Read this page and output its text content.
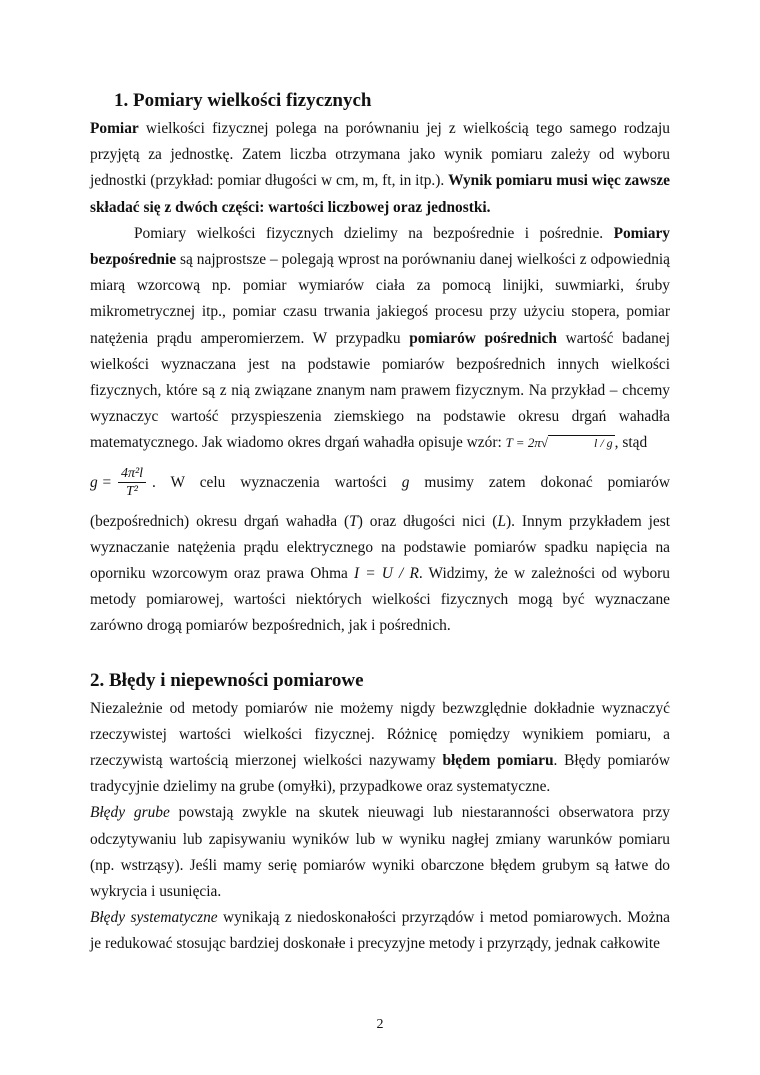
1. Pomiary wielkości fizycznych

Pomiar wielkości fizycznej polega na porównaniu jej z wielkością tego samego rodzaju przyjętą za jednostkę. Zatem liczba otrzymana jako wynik pomiaru zależy od wyboru jednostki (przykład: pomiar długości w cm, m, ft, in itp.). Wynik pomiaru musi więc zawsze składać się z dwóch części: wartości liczbowej oraz jednostki.

Pomiary wielkości fizycznych dzielimy na bezpośrednie i pośrednie. Pomiary bezpośrednie są najprostsze – polegają wprost na porównaniu danej wielkości z odpowiednią miarą wzorcową np. pomiar wymiarów ciała za pomocą linijki, suwmiarki, śruby mikrometrycznej itp., pomiar czasu trwania jakiegoś procesu przy użyciu stopera, pomiar natężenia prądu amperomierzem. W przypadku pomiarów pośrednich wartość badanej wielkości wyznaczana jest na podstawie pomiarów bezpośrednich innych wielkości fizycznych, które są z nią związane znanym nam prawem fizycznym. Na przykład – chcemy wyznaczyc wartość przyspieszenia ziemskiego na podstawie okresu drgań wahadła matematycznego. Jak wiadomo okres drgań wahadła opisuje wzór: T = 2π√	l / g , stąd

$g = \frac{\text{4π²l}}{\text{T²}}$ . W celu wyznaczenia wartości g musimy zatem dokonać pomiarów

(bezpośrednich) okresu drgań wahadła (T) oraz długości nici (L). Innym przykładem jest wyznaczanie natężenia prądu elektrycznego na podstawie pomiarów spadku napięcia na oporniku wzorcowym oraz prawa Ohma I = U / R. Widzimy, że w zależności od wyboru metody pomiarowej, wartości niektórych wielkości fizycznych mogą być wyznaczane zarówno drogą pomiarów bezpośrednich, jak i pośrednich.

2. Błędy i niepewności pomiarowe

Niezależnie od metody pomiarów nie możemy nigdy bezwzględnie dokładnie wyznaczyć rzeczywistej wartości wielkości fizycznej. Różnicę pomiędzy wynikiem pomiaru, a rzeczywistą wartością mierzonej wielkości nazywamy błędem pomiaru. Błędy pomiarów tradycyjnie dzielimy na grube (omyłki), przypadkowe oraz systematyczne.

Błędy grube powstają zwykle na skutek nieuwagi lub niestaranności obserwatora przy odczytywaniu lub zapisywaniu wyników lub w wyniku nagłej zmiany warunków pomiaru (np. wstrząsy). Jeśli mamy serię pomiarów wyniki obarczone błędem grubym są łatwe do wykrycia i usunięcia.

Błędy systematyczne wynikają z niedoskonałości przyrządów i metod pomiarowych. Można je redukować stosując bardziej doskonałe i precyzyjne metody i przyrządy, jednak całkowite

2
